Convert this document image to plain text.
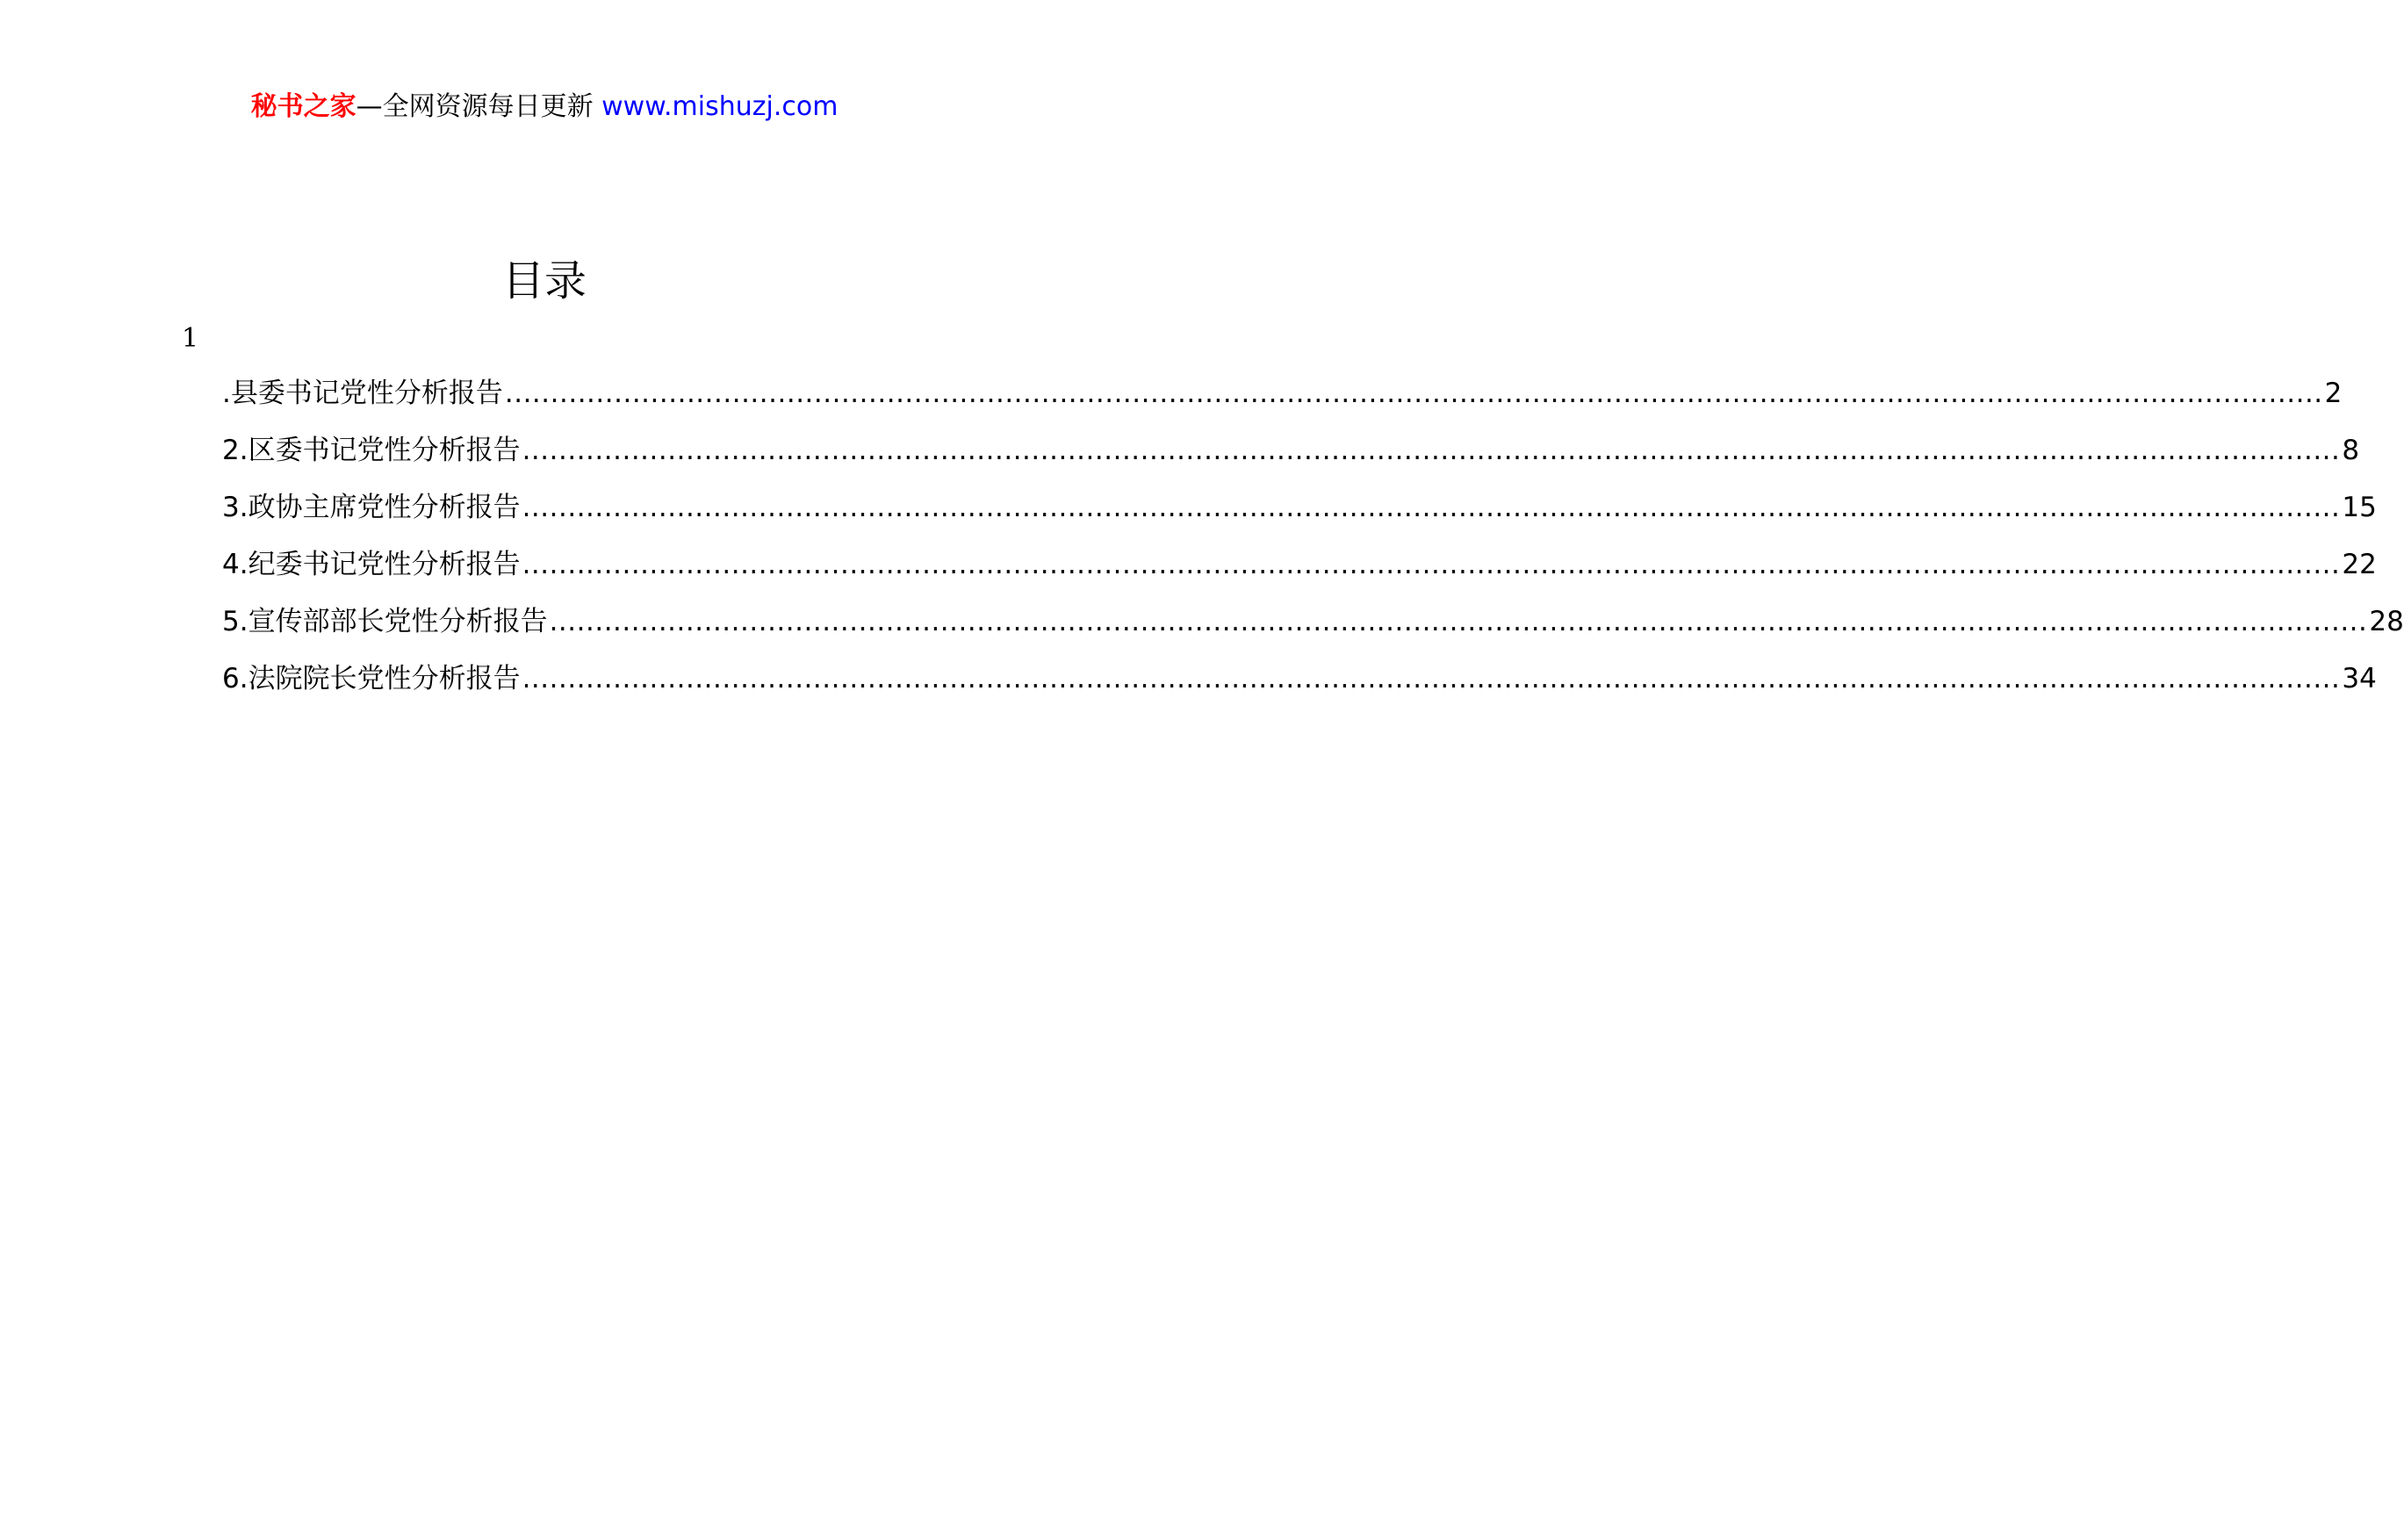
秘书之家—全网资源每日更新 www.mishuzj.com
目录
1
.县委书记党性分析报告 ........................................................................................................................................................................................................ 2
2.区委书记党性分析报告 ........................................................................................................................................................................................................ 8
3.政协主席党性分析报告 ........................................................................................................................................................................................................ 15
4.纪委书记党性分析报告 ........................................................................................................................................................................................................ 22
5.宣传部部长党性分析报告 ........................................................................................................................................................................................................ 28
6.法院院长党性分析报告 ........................................................................................................................................................................................................ 34
